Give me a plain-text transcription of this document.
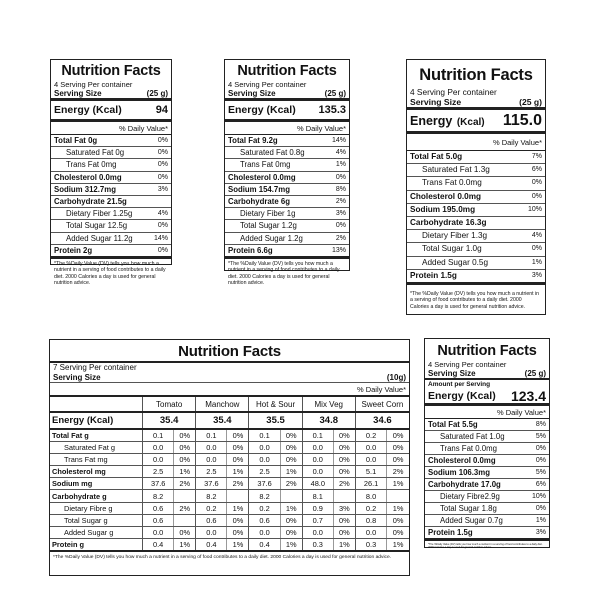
Nutrition Facts
4 Serving Per container
Serving Size	(25 g)
Energy (Kcal)	94
% Daily Value*
Total Fat 0g	0%
Saturated Fat 0g	0%
Trans Fat 0mg	0%
Cholesterol 0.0mg	0%
Sodium 312.7mg	3%
Carbohydrate 21.5g
Dietary Fiber 1.25g	4%
Total Sugar 12.5g	0%
Added Sugar 11.2g	14%
Protein 2g	0%
*The %Daily Value (DV) tells you how much a nutrient in a serving of food contributes to a daily diet. 2000 Calories a day is used for general nutrition advice.
Nutrition Facts
4 Serving Per container
Serving Size	(25 g)
Energy (Kcal) 135.3
% Daily Value*
Total Fat 9.2g	14%
Saturated Fat 0.8g	4%
Trans Fat 0mg	1%
Cholesterol 0.0mg	0%
Sodium 154.7mg	8%
Carbohydrate 6g	2%
Dietary Fiber 1g	3%
Total Sugar 1.2g	0%
Added Sugar 1.2g	2%
Protein 6.6g	13%
*The %Daily Value (DV) tells you how much a nutrient in a serving of food contributes to a daily diet. 2000 Calories a day is used for general nutrition advice.
Nutrition Facts
4 Serving Per container
Serving Size	(25 g)
Energy (Kcal) 115.0
% Daily Value*
Total Fat 5.0g	7%
Saturated Fat 1.3g	6%
Trans Fat 0.0mg	0%
Cholesterol 0.0mg	0%
Sodium 195.0mg	10%
Carbohydrate 16.3g
Dietary Fiber 1.3g	4%
Total Sugar 1.0g	0%
Added Sugar 0.5g	1%
Protein 1.5g	3%
*The %Daily Value (DV) tells you how much a nutrient in a serving of food contributes to a daily diet. 2000 Calories a day is used for general nutrition advice.
Nutrition Facts
7 Serving Per container
Serving Size	(10g)
% Daily Value*
	Tomato		Manchow		Hot & Sour		Mix Veg		Sweet Corn	
Energy (Kcal)	35.4		35.4		35.5		34.8		34.6	
Total Fat g	0.1	0%	0.1	0%	0.1	0%	0.1	0%	0.2	0%
Saturated Fat g	0.0	0%	0.0	0%	0.0	0%	0.0	0%	0.0	0%
Trans Fat mg	0.0	0%	0.0	0%	0.0	0%	0.0	0%	0.0	0%
Cholesterol mg	2.5	1%	2.5	1%	2.5	1%	0.0	0%	5.1	2%
Sodium mg	37.6	2%	37.6	2%	37.6	2%	48.0	2%	26.1	1%
Carbohydrate g	8.2		8.2		8.2		8.1		8.0	
Dietary Fibre g	0.6	2%	0.2	1%	0.2	1%	0.9	3%	0.2	1%
Total Sugar g	0.6		0.6	0%	0.6	0%	0.7	0%	0.8	0%
Added Sugar g	0.0	0%	0.0	0%	0.0	0%	0.0	0%	0.0	0%
Protein g	0.4	1%	0.4	1%	0.4	1%	0.3	1%	0.3	1%
*The %Daily Value (DV) tells you how much a nutrient in a serving of food contributes to a daily diet. 2000 Calories a day is used for general nutrition advice.
Nutrition Facts
4 Serving Per container
Serving Size	(25 g)
Amount per Serving
Energy (Kcal) 123.4
% Daily Value*
Total Fat 5.5g	8%
Saturated Fat 1.0g	5%
Trans Fat 0.0mg	0%
Cholesterol 0.0mg	0%
Sodium 106.3mg	5%
Carbohydrate 17.0g	6%
Dietary Fibre2.9g	10%
Total Sugar 1.8g	0%
Added Sugar 0.7g	1%
Protein 1.5g	3%
*The %Daily Value (DV) tells you how much a nutrient in a serving of food contributes to a daily diet. 2000 Calories a day is used for general nutrition advice.
